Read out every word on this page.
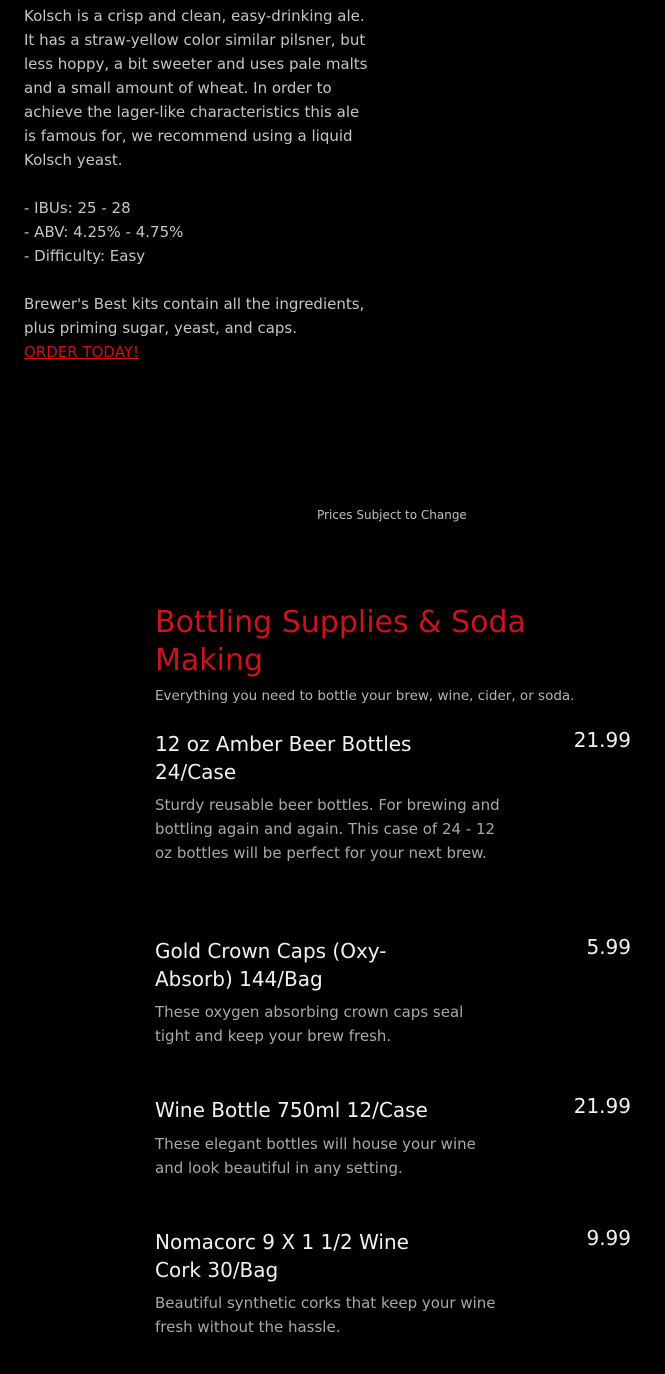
Kolsch is a crisp and clean, easy-drinking ale. It has a straw-yellow color similar pilsner, but less hoppy, a bit sweeter and uses pale malts and a small amount of wheat. In order to achieve the lager-like characteristics this ale is famous for, we recommend using a liquid Kolsch yeast.

- IBUs: 25 - 28

- ABV: 4.25% - 4.75%

- Difficulty: Easy

Brewer's Best kits contain all the ingredients, plus priming sugar, yeast, and caps.

ORDER TODAY!

Prices Subject to Change
Bottling Supplies & Soda Making

Everything you need to bottle your brew, wine, cider, or soda.

12 oz Amber Beer Bottles 24/Case
21.99
Sturdy reusable beer bottles. For brewing and bottling again and again. This case of 24 - 12 oz bottles will be perfect for your next brew.
Gold Crown Caps (Oxy-Absorb) 144/Bag
5.99
These oxygen absorbing crown caps seal tight and keep your brew fresh.
Wine Bottle 750ml 12/Case	21.99
These elegant bottles will house your wine and look beautiful in any setting.
Nomacorc 9 X 1 1/2 Wine Cork 30/Bag
9.99
Beautiful synthetic corks that keep your wine fresh without the hassle.
